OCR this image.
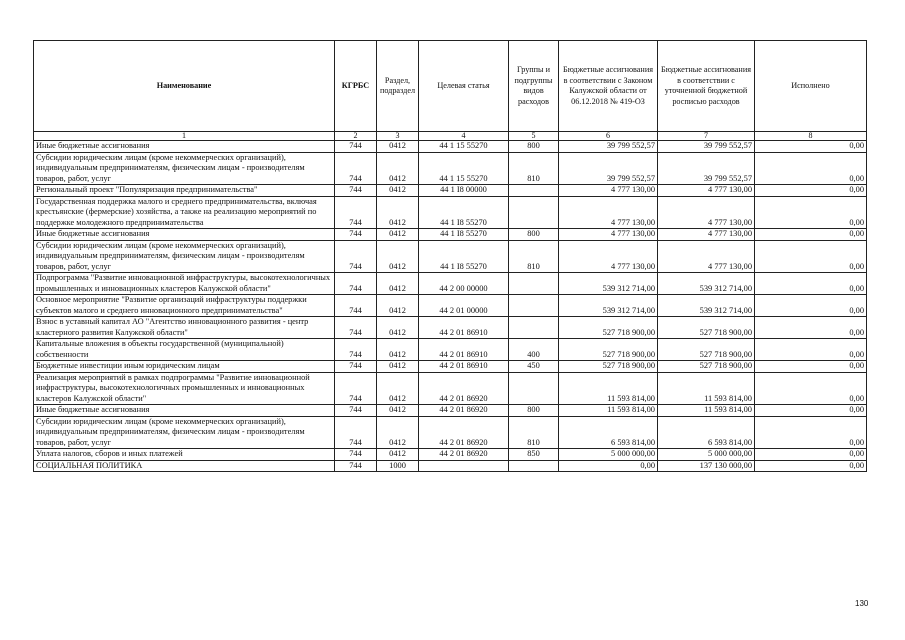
Наименование	КГРБС	Раздел, подраздел	Целевая статья	Группы и подгруппы видов расходов	Бюджетные ассигнования в соответствии с Законом Калужской области от 06.12.2018 № 419-ОЗ	Бюджетные ассигнования в соответствии с уточненной бюджетной росписью расходов	Исполнено
1	2	3	4	5	6	7	8
Иные бюджетные ассигнования	744	0412	44 1 15 55270	800	39 799 552,57	39 799 552,57	0,00
Субсидии юридическим лицам (кроме некоммерческих организаций), индивидуальным предпринимателям, физическим лицам - производителям товаров, работ, услуг	744	0412	44 1 15 55270	810	39 799 552,57	39 799 552,57	0,00
Региональный проект "Популяризация предпринимательства"	744	0412	44 1 I8 00000		4 777 130,00	4 777 130,00	0,00
Государственная поддержка малого и среднего предпринимательства, включая крестьянские (фермерские) хозяйства, а также на реализацию мероприятий по поддержке молодежного предпринимательства	744	0412	44 1 I8 55270		4 777 130,00	4 777 130,00	0,00
Иные бюджетные ассигнования	744	0412	44 1 I8 55270	800	4 777 130,00	4 777 130,00	0,00
Субсидии юридическим лицам (кроме некоммерческих организаций), индивидуальным предпринимателям, физическим лицам - производителям товаров, работ, услуг	744	0412	44 1 I8 55270	810	4 777 130,00	4 777 130,00	0,00
Подпрограмма "Развитие инновационной инфраструктуры, высокотехнологичных промышленных и инновационных кластеров Калужской области"	744	0412	44 2 00 00000		539 312 714,00	539 312 714,00	0,00
Основное мероприятие "Развитие организаций инфраструктуры поддержки субъектов малого и среднего инновационного предпринимательства"	744	0412	44 2 01 00000		539 312 714,00	539 312 714,00	0,00
Взнос в уставный капитал АО "Агентство инновационного развития - центр кластерного развития Калужской области"	744	0412	44 2 01 86910		527 718 900,00	527 718 900,00	0,00
Капитальные вложения в объекты государственной (муниципальной) собственности	744	0412	44 2 01 86910	400	527 718 900,00	527 718 900,00	0,00
Бюджетные инвестиции иным юридическим лицам	744	0412	44 2 01 86910	450	527 718 900,00	527 718 900,00	0,00
Реализация мероприятий в рамках подпрограммы "Развитие инновационной инфраструктуры, высокотехнологичных промышленных и инновационных кластеров Калужской области"	744	0412	44 2 01 86920		11 593 814,00	11 593 814,00	0,00
Иные бюджетные ассигнования	744	0412	44 2 01 86920	800	11 593 814,00	11 593 814,00	0,00
Субсидии юридическим лицам (кроме некоммерческих организаций), индивидуальным предпринимателям, физическим лицам - производителям товаров, работ, услуг	744	0412	44 2 01 86920	810	6 593 814,00	6 593 814,00	0,00
Уплата налогов, сборов и иных платежей	744	0412	44 2 01 86920	850	5 000 000,00	5 000 000,00	0,00
СОЦИАЛЬНАЯ ПОЛИТИКА	744	1000			0,00	137 130 000,00	0,00
130
